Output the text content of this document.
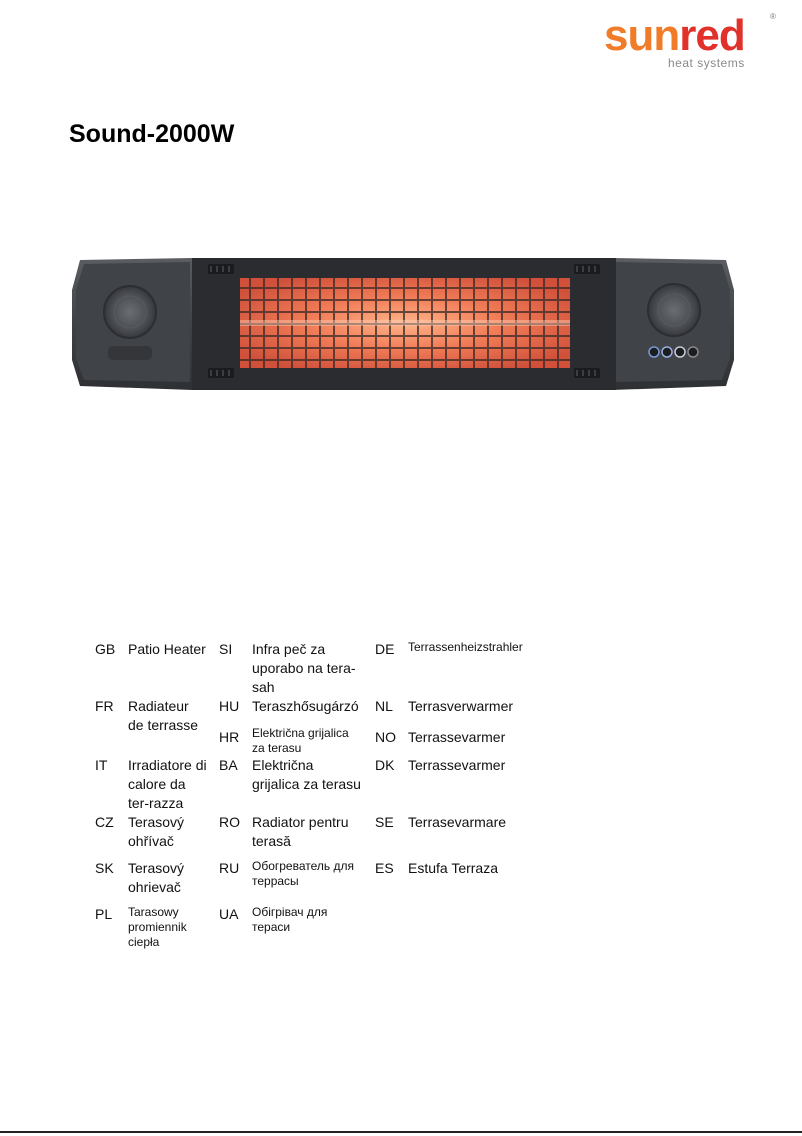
sunred	®
heat systems
Sound-2000W
GB	Patio Heater	SI	Infra peč za uporabo na tera-sah	DE	Terrassenheizstrahler
FR	Radiateur de terrasse	HU	Teraszhősugárzó	NL	Terrasverwarmer
		HR	Električna grijalica za terasu	NO	Terrassevarmer
IT	Irradiatore di calore da ter-razza	BA	Električna grijalica za terasu	DK	Terrassevarmer
CZ	Terasový ohřívač	RO	Radiator pentru terasă	SE	Terrasevarmare

SK	Terasový ohrievač	RU	Обогреватель для террасы	ES	Estufa Terraza

PL	Tarasowy promiennik ciepła	UA	Обігрівач для тераси		
